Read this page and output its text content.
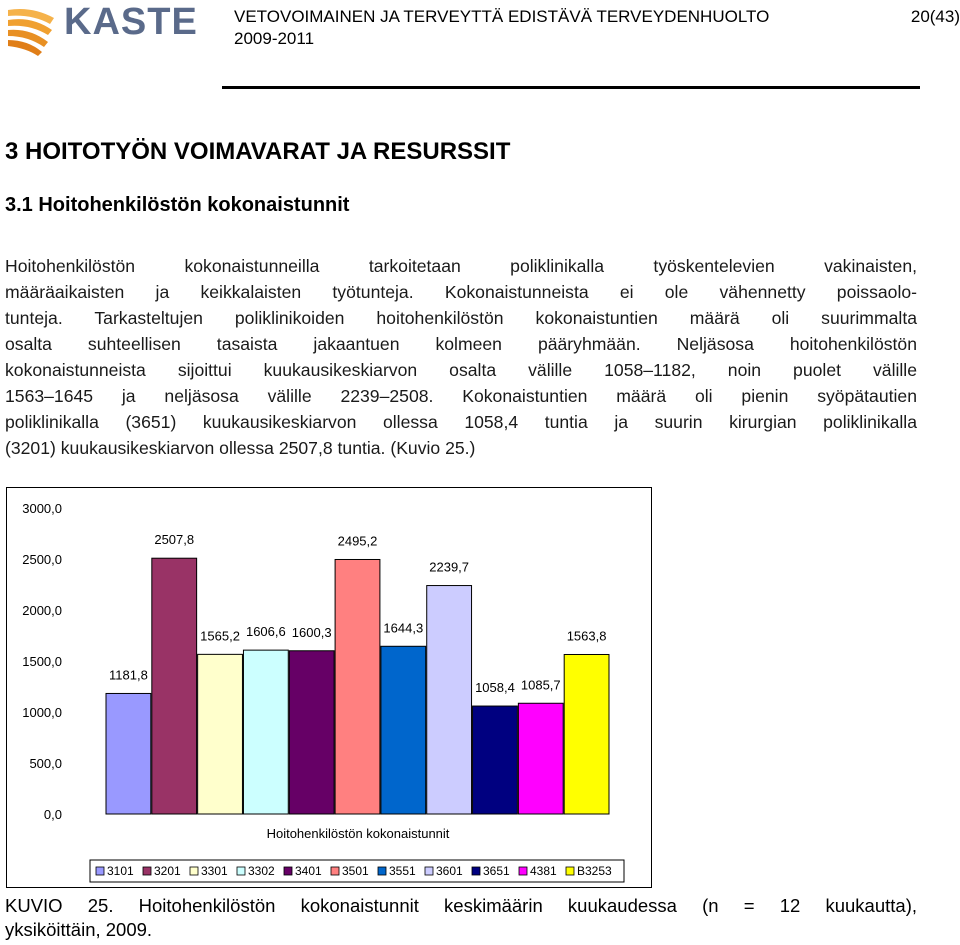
KASTE VETOVOIMAINEN JA TERVEYTTÄ EDISTÄVÄ TERVEYDENHUOLTO
2009-2011
20(43)
3 HOITOTYÖN VOIMAVARAT JA RESURSSIT
3.1 Hoitohenkilöstön kokonaistunnit
Hoitohenkilöstön kokonaistunneilla tarkoitetaan poliklinikalla työskentelevien vakinaisten,
määräaikaisten ja keikkalaisten työtunteja. Kokonaistunneista ei ole vähennetty poissaolo-
tunteja. Tarkasteltujen poliklinikoiden hoitohenkilöstön kokonaistuntien määrä oli suurimmalta
osalta suhteellisen tasaista jakaantuen kolmeen pääryhmään. Neljäsosa hoitohenkilöstön
kokonaistunneista sijoittui kuukausikeskiarvon osalta välille 1058–1182, noin puolet välille
1563–1645 ja neljäsosa välille 2239–2508. Kokonaistuntien määrä oli pienin syöpätautien
poliklinikalla (3651) kuukausikeskiarvon ollessa 1058,4 tuntia ja suurin kirurgian poliklinikalla
(3201) kuukausikeskiarvon ollessa 2507,8 tuntia. (Kuvio 25.)
0,0
500,0
1000,0
1500,0
2000,0
2500,0
3000,0
1181,8
2507,8
1565,2 1606,6 1600,3
2495,2
1644,3
2239,7
1058,4 1085,7
1563,8
Hoitohenkilöstön kokonaistunnit
3101 3201 3301 3302 3401 3501 3551 3601 3651 4381 B3253
KUVIO 25. Hoitohenkilöstön kokonaistunnit keskimäärin kuukaudessa (n = 12 kuukautta),
yksiköittäin, 2009.
